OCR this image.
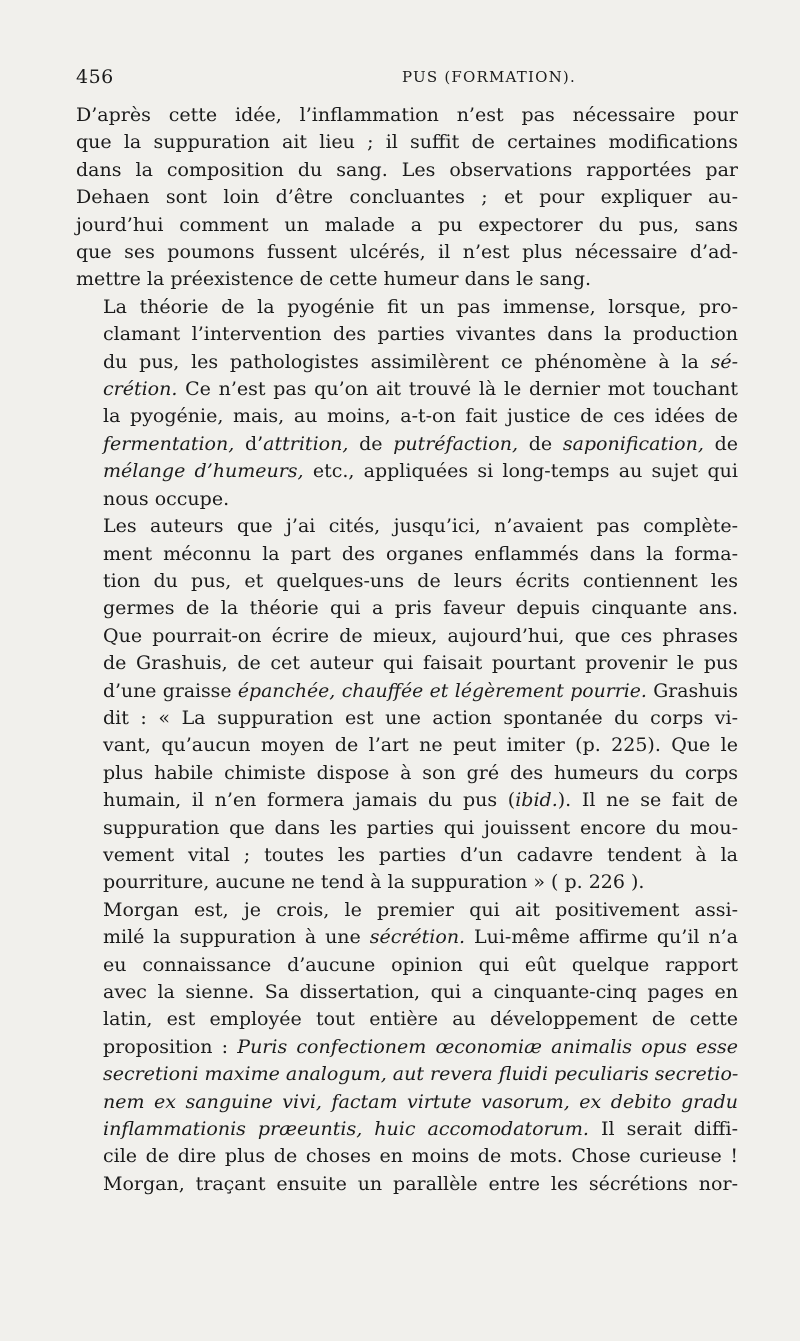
456	PUS (FORMATION).

D’après cette idée, l’inflammation n’est pas nécessaire pour
que la suppuration ait lieu ; il suffit de certaines modifications
dans la composition du sang. Les observations rapportées par
Dehaen sont loin d’être concluantes ; et pour expliquer au-
jourd’hui comment un malade a pu expectorer du pus, sans
que ses poumons fussent ulcérés, il n’est plus nécessaire d’ad-
mettre la préexistence de cette humeur dans le sang.

La théorie de la pyogénie fit un pas immense, lorsque, pro-
clamant l’intervention des parties vivantes dans la production
du pus, les pathologistes assimilèrent ce phénomène à la sé-
crétion. Ce n’est pas qu’on ait trouvé là le dernier mot touchant
la pyogénie, mais, au moins, a-t-on fait justice de ces idées de
fermentation, d’attrition, de putréfaction, de saponification, de
mélange d’humeurs, etc., appliquées si long-temps au sujet qui
nous occupe.

Les auteurs que j’ai cités, jusqu’ici, n’avaient pas complète-
ment méconnu la part des organes enflammés dans la forma-
tion du pus, et quelques-uns de leurs écrits contiennent les
germes de la théorie qui a pris faveur depuis cinquante ans.
Que pourrait-on écrire de mieux, aujourd’hui, que ces phrases
de Grashuis, de cet auteur qui faisait pourtant provenir le pus
d’une graisse épanchée, chauffée et légèrement pourrie. Grashuis
dit : « La suppuration est une action spontanée du corps vi-
vant, qu’aucun moyen de l’art ne peut imiter (p. 225). Que le
plus habile chimiste dispose à son gré des humeurs du corps
humain, il n’en formera jamais du pus (ibid.). Il ne se fait de
suppuration que dans les parties qui jouissent encore du mou-
vement vital ; toutes les parties d’un cadavre tendent à la
pourriture, aucune ne tend à la suppuration » ( p. 226 ).

Morgan est, je crois, le premier qui ait positivement assi-
milé la suppuration à une sécrétion. Lui-même affirme qu’il n’a
eu connaissance d’aucune opinion qui eût quelque rapport
avec la sienne. Sa dissertation, qui a cinquante-cinq pages en
latin, est employée tout entière au développement de cette
proposition : Puris confectionem œconomiæ animalis opus esse
secretioni maxime analogum, aut revera fluidi peculiaris secretio-
nem ex sanguine vivi, factam virtute vasorum, ex debito gradu
inflammationis præeuntis, huic accomodatorum. Il serait diffi-
cile de dire plus de choses en moins de mots. Chose curieuse !
Morgan, traçant ensuite un parallèle entre les sécrétions nor-
